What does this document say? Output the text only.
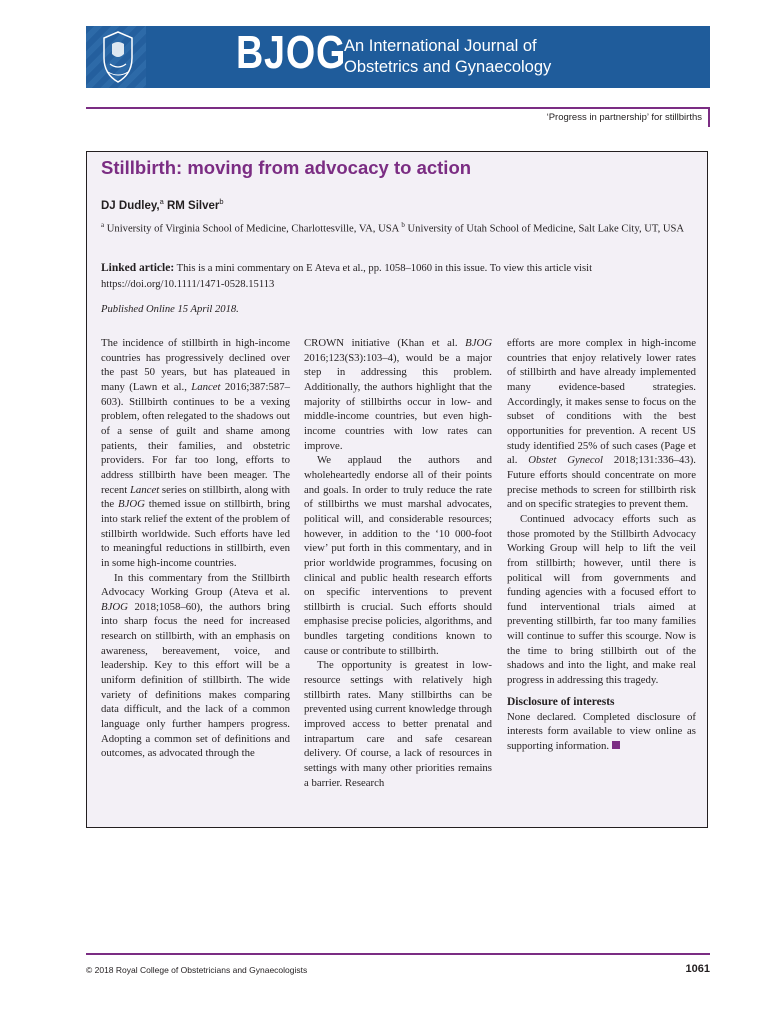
BJOG
An International Journal of
Obstetrics and Gynaecology
‘Progress in partnership’ for stillbirths
Stillbirth: moving from advocacy to action
DJ Dudley,$^a$ RM Silver$^b$
$^a$ University of Virginia School of Medicine, Charlottesville, VA, USA $^b$ University of Utah School of Medicine, Salt Lake City, UT, USA
Linked article: This is a mini commentary on E Ateva et al., pp. 1058–1060 in this issue. To view this article visit https://doi.org/10.1111/1471-0528.15113
Published Online 15 April 2018.

The incidence of stillbirth in high-income countries has progressively declined over the past 50 years, but has plateaued in many (Lawn et al., Lancet 2016;387:587–603). Stillbirth continues to be a vexing problem, often relegated to the shadows out of a sense of guilt and shame among patients, their families, and obstetric providers. For far too long, efforts to address stillbirth have been meager. The recent Lancet series on stillbirth, along with the BJOG themed issue on stillbirth, bring into stark relief the extent of the problem of stillbirth worldwide. Such efforts have led to meaningful reductions in stillbirth, even in some high-income countries.

In this commentary from the Stillbirth Advocacy Working Group (Ateva et al. BJOG 2018;1058–60), the authors bring into sharp focus the need for increased research on stillbirth, with an emphasis on awareness, bereavement, voice, and leadership. Key to this effort will be a uniform definition of stillbirth. The wide variety of definitions makes comparing data difficult, and the lack of a common language only further hampers progress. Adopting a common set of definitions and outcomes, as advocated through the

CROWN initiative (Khan et al. BJOG 2016;123(S3):103–4), would be a major step in addressing this problem. Additionally, the authors highlight that the majority of stillbirths occur in low- and middle-income countries, but even high-income countries with low rates can improve.

We applaud the authors and wholeheartedly endorse all of their points and goals. In order to truly reduce the rate of stillbirths we must marshal advocates, political will, and considerable resources; however, in addition to the ‘10 000-foot view’ put forth in this commentary, and in prior worldwide programmes, focusing on clinical and public health research efforts on specific interventions to prevent stillbirth is crucial. Such efforts should emphasise precise policies, algorithms, and bundles targeting conditions known to cause or contribute to stillbirth.

The opportunity is greatest in low-resource settings with relatively high stillbirth rates. Many stillbirths can be prevented using current knowledge through improved access to better prenatal and intrapartum care and safe cesarean delivery. Of course, a lack of resources in settings with many other priorities remains a barrier. Research

efforts are more complex in high-income countries that enjoy relatively lower rates of stillbirth and have already implemented many evidence-based strategies. Accordingly, it makes sense to focus on the subset of conditions with the best opportunities for prevention. A recent US study identified 25% of such cases (Page et al. Obstet Gynecol 2018;131:336–43). Future efforts should concentrate on more precise methods to screen for stillbirth risk and on specific strategies to prevent them.

Continued advocacy efforts such as those promoted by the Stillbirth Advocacy Working Group will help to lift the veil from stillbirth; however, until there is political will from governments and funding agencies with a focused effort to fund interventional trials aimed at preventing stillbirth, far too many families will continue to suffer this scourge. Now is the time to bring stillbirth out of the shadows and into the light, and make real progress in addressing this tragedy.

Disclosure of interests

None declared. Completed disclosure of interests form available to view online as supporting information.

© 2018 Royal College of Obstetricians and Gynaecologists	1061
